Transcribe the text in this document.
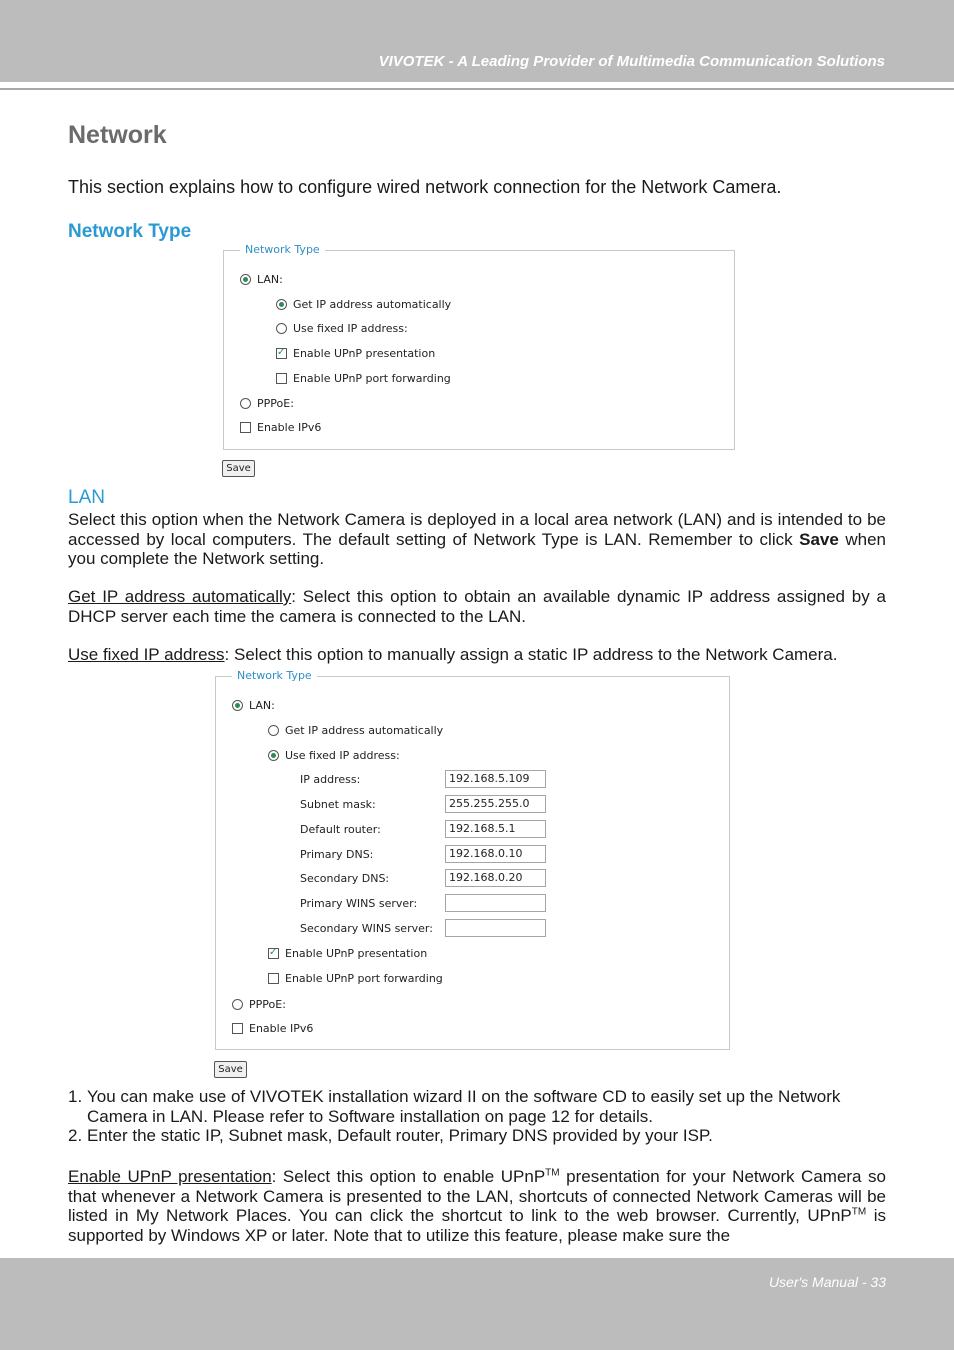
VIVOTEK - A Leading Provider of Multimedia Communication Solutions
Network
This section explains how to configure wired network connection for the Network Camera.
Network Type
Network Type
LAN:
Get IP address automatically
Use fixed IP address:
✓Enable UPnP presentation
Enable UPnP port forwarding
PPPoE:
Enable IPv6
Save
LAN
Select this option when the Network Camera is deployed in a local area network (LAN) and is intended to be accessed by local computers. The default setting of Network Type is LAN. Remember to click Save when you complete the Network setting.
Get IP address automatically: Select this option to obtain an available dynamic IP address assigned by a DHCP server each time the camera is connected to the LAN.
Use fixed IP address: Select this option to manually assign a static IP address to the Network Camera.
Network Type
LAN:
Get IP address automatically
Use fixed IP address:
IP address:	192.168.5.109
Subnet mask:	255.255.255.0
Default router:	192.168.5.1
Primary DNS:	192.168.0.10
Secondary DNS:	192.168.0.20
Primary WINS server:
Secondary WINS server:
✓Enable UPnP presentation
Enable UPnP port forwarding
PPPoE:
Enable IPv6
Save
1. You can make use of VIVOTEK installation wizard II on the software CD to easily set up the Network Camera in LAN. Please refer to Software installation on page 12 for details.
2. Enter the static IP, Subnet mask, Default router, Primary DNS provided by your ISP.
Enable UPnP presentation: Select this option to enable UPnP™ presentation for your Network Camera so that whenever a Network Camera is presented to the LAN, shortcuts of connected Network Cameras will be listed in My Network Places. You can click the shortcut to link to the web browser. Currently, UPnP™ is supported by Windows XP or later. Note that to utilize this feature, please make sure the
User's Manual - 33
